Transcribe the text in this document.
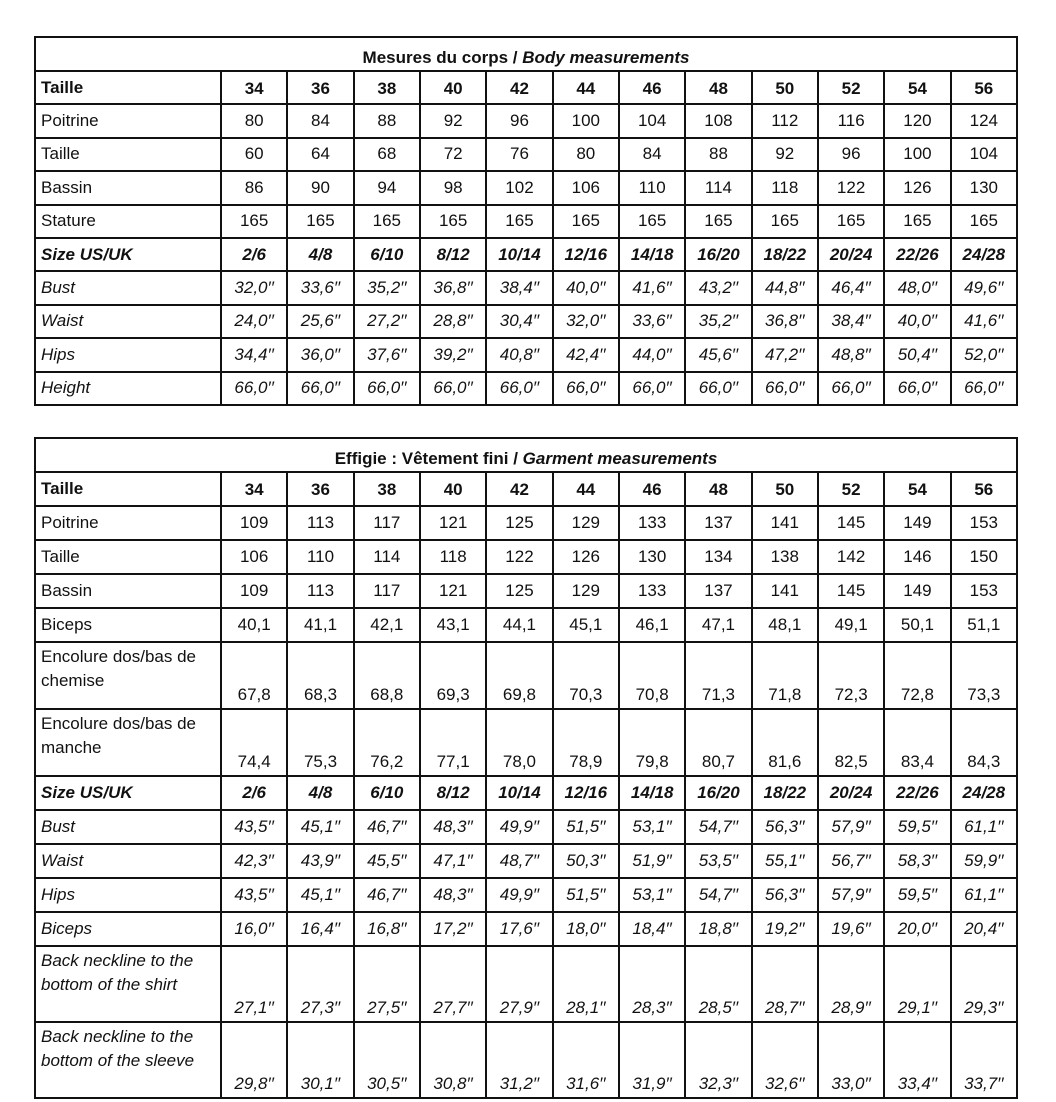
Mesures du corps / Body measurements												
Taille	34	36	38	40	42	44	46	48	50	52	54	56
Poitrine	80	84	88	92	96	100	104	108	112	116	120	124
Taille	60	64	68	72	76	80	84	88	92	96	100	104
Bassin	86	90	94	98	102	106	110	114	118	122	126	130
Stature	165	165	165	165	165	165	165	165	165	165	165	165
Size US/UK	2/6	4/8	6/10	8/12	10/14	12/16	14/18	16/20	18/22	20/24	22/26	24/28
Bust	32,0′′	33,6′′	35,2′′	36,8′′	38,4′′	40,0′′	41,6′′	43,2′′	44,8′′	46,4′′	48,0′′	49,6′′
Waist	24,0′′	25,6′′	27,2′′	28,8′′	30,4′′	32,0′′	33,6′′	35,2′′	36,8′′	38,4′′	40,0′′	41,6′′
Hips	34,4′′	36,0′′	37,6′′	39,2′′	40,8′′	42,4′′	44,0′′	45,6′′	47,2′′	48,8′′	50,4′′	52,0′′
Height	66,0′′	66,0′′	66,0′′	66,0′′	66,0′′	66,0′′	66,0′′	66,0′′	66,0′′	66,0′′	66,0′′	66,0′′
Effigie : Vêtement fini / Garment measurements												
Taille	34	36	38	40	42	44	46	48	50	52	54	56
Poitrine	109	113	117	121	125	129	133	137	141	145	149	153
Taille	106	110	114	118	122	126	130	134	138	142	146	150
Bassin	109	113	117	121	125	129	133	137	141	145	149	153
Biceps	40,1	41,1	42,1	43,1	44,1	45,1	46,1	47,1	48,1	49,1	50,1	51,1
Encolure dos/bas de chemise	67,8	68,3	68,8	69,3	69,8	70,3	70,8	71,3	71,8	72,3	72,8	73,3
Encolure dos/bas de manche	74,4	75,3	76,2	77,1	78,0	78,9	79,8	80,7	81,6	82,5	83,4	84,3
Size US/UK	2/6	4/8	6/10	8/12	10/14	12/16	14/18	16/20	18/22	20/24	22/26	24/28
Bust	43,5′′	45,1′′	46,7′′	48,3′′	49,9′′	51,5′′	53,1′′	54,7′′	56,3′′	57,9′′	59,5′′	61,1′′
Waist	42,3′′	43,9′′	45,5′′	47,1′′	48,7′′	50,3′′	51,9′′	53,5′′	55,1′′	56,7′′	58,3′′	59,9′′
Hips	43,5′′	45,1′′	46,7′′	48,3′′	49,9′′	51,5′′	53,1′′	54,7′′	56,3′′	57,9′′	59,5′′	61,1′′
Biceps	16,0′′	16,4′′	16,8′′	17,2′′	17,6′′	18,0′′	18,4′′	18,8′′	19,2′′	19,6′′	20,0′′	20,4′′
Back neckline to the bottom of the shirt	27,1′′	27,3′′	27,5′′	27,7′′	27,9′′	28,1′′	28,3′′	28,5′′	28,7′′	28,9′′	29,1′′	29,3′′
Back neckline to the bottom of the sleeve	29,8′′	30,1′′	30,5′′	30,8′′	31,2′′	31,6′′	31,9′′	32,3′′	32,6′′	33,0′′	33,4′′	33,7′′
